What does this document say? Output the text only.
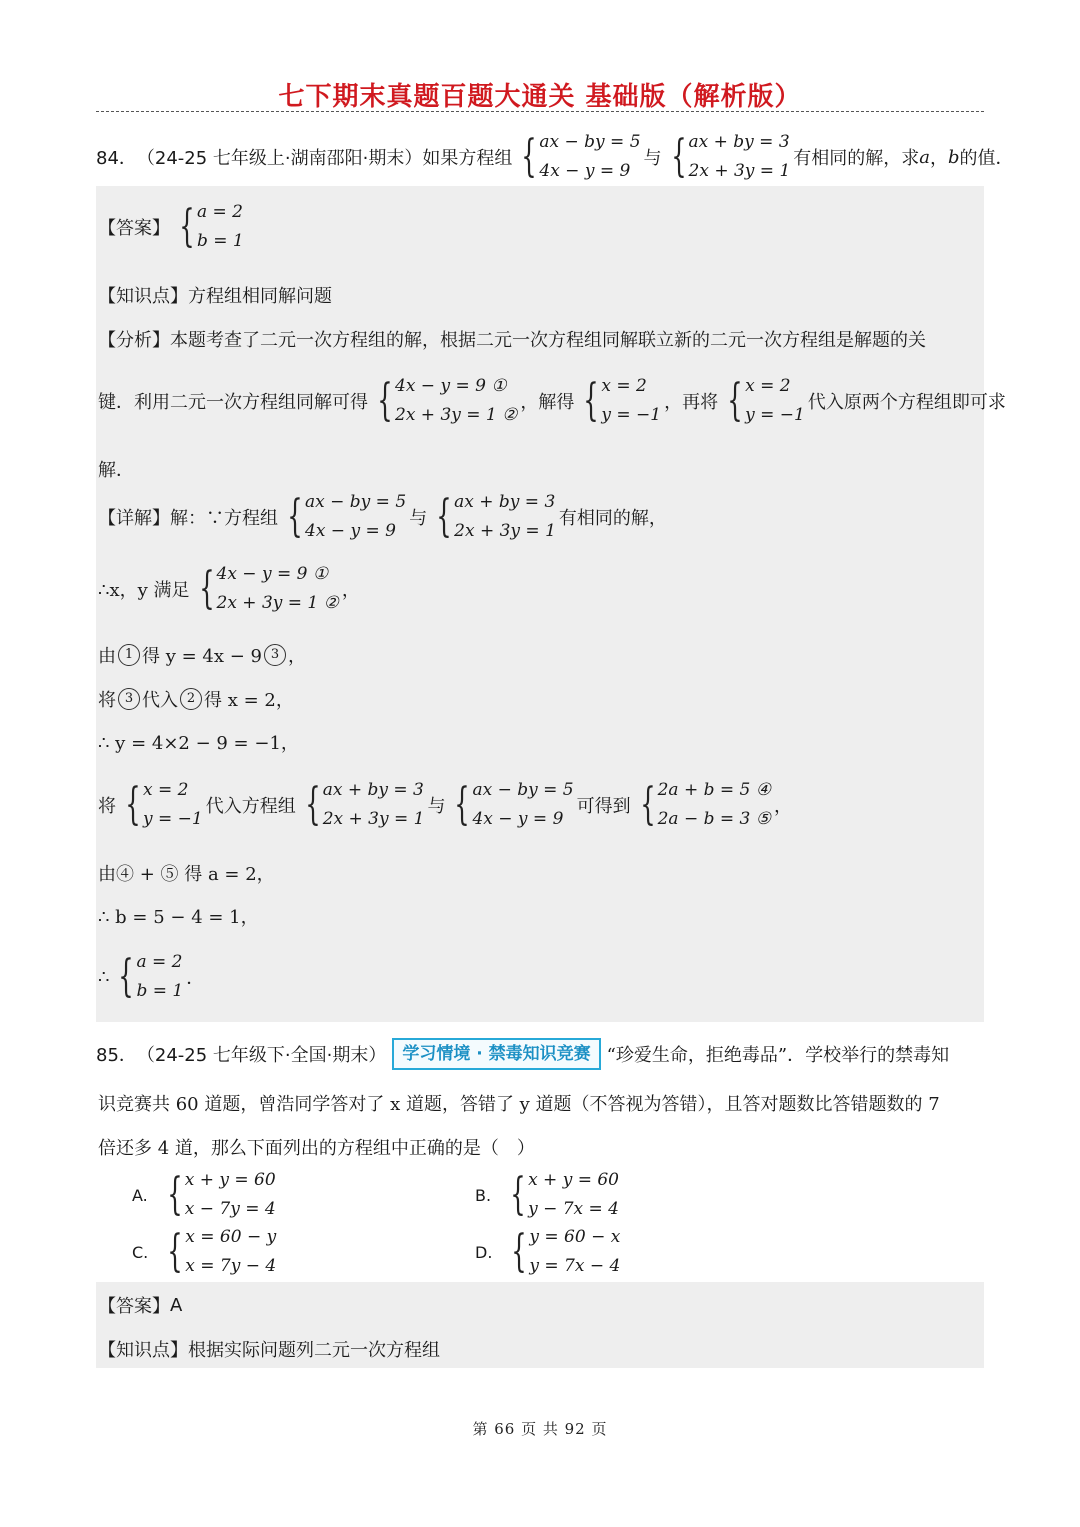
七下期末真题百题大通关 基础版（解析版）
84． （24-25 七年级上·湖南邵阳·期末） 如果方程组 { ax − by = 5
4x − y = 9
与 { ax + by = 3
2x + 3y = 1
有相同的解，求 a ， b 的值．
【答案】 { a = 2
b = 1
【知识点】 方程组相同解问题
【分析】 本题考查了二元一次方程组的解，根据二元一次方程组同解联立新的二元一次方程组是解题的关
键．利用二元一次方程组同解可得 { 4x − y = 9 ①
2x + 3y = 1 ②
，解得 { x = 2
y = −1
，再将 { x = 2
y = −1
代入原两个方程组即可求
解．
【详解】 解：∵方程组 { ax − by = 5
4x − y = 9
与 { ax + by = 3
2x + 3y = 1
有相同的解，
∴x，y 满足 { 4x − y = 9 ①
2x + 3y = 1 ②
，
由 1 得 y = 4x − 9 3 ，
将 3 代入 2 得 x = 2，
∴ y = 4×2 − 9 = −1，
将 { x = 2
y = −1
代入方程组 { ax + by = 3
2x + 3y = 1
与 { ax − by = 5
4x − y = 9
可得到 { 2a + b = 5 ④
2a − b = 3 ⑤
，
由④ + ⑤ 得 a = 2，
∴ b = 5 − 4 = 1，
∴ { a = 2
b = 1
．
85． （24-25 七年级下·全国·期末） 学习情境 · 禁毒知识竞赛 “珍爱生命，拒绝毒品”．学校举行的禁毒知
识竞赛共 60 道题，曾浩同学答对了 x 道题，答错了 y 道题（不答视为答错），且答对题数比答错题数的 7
倍还多 4 道，那么下面列出的方程组中正确的是（　）
A. { x + y = 60
x − 7y = 4
B. { x + y = 60
y − 7x = 4
C. { x = 60 − y
x = 7y − 4
D. { y = 60 − x
y = 7x − 4
【答案】 A
【知识点】 根据实际问题列二元一次方程组
第 66 页 共 92 页
